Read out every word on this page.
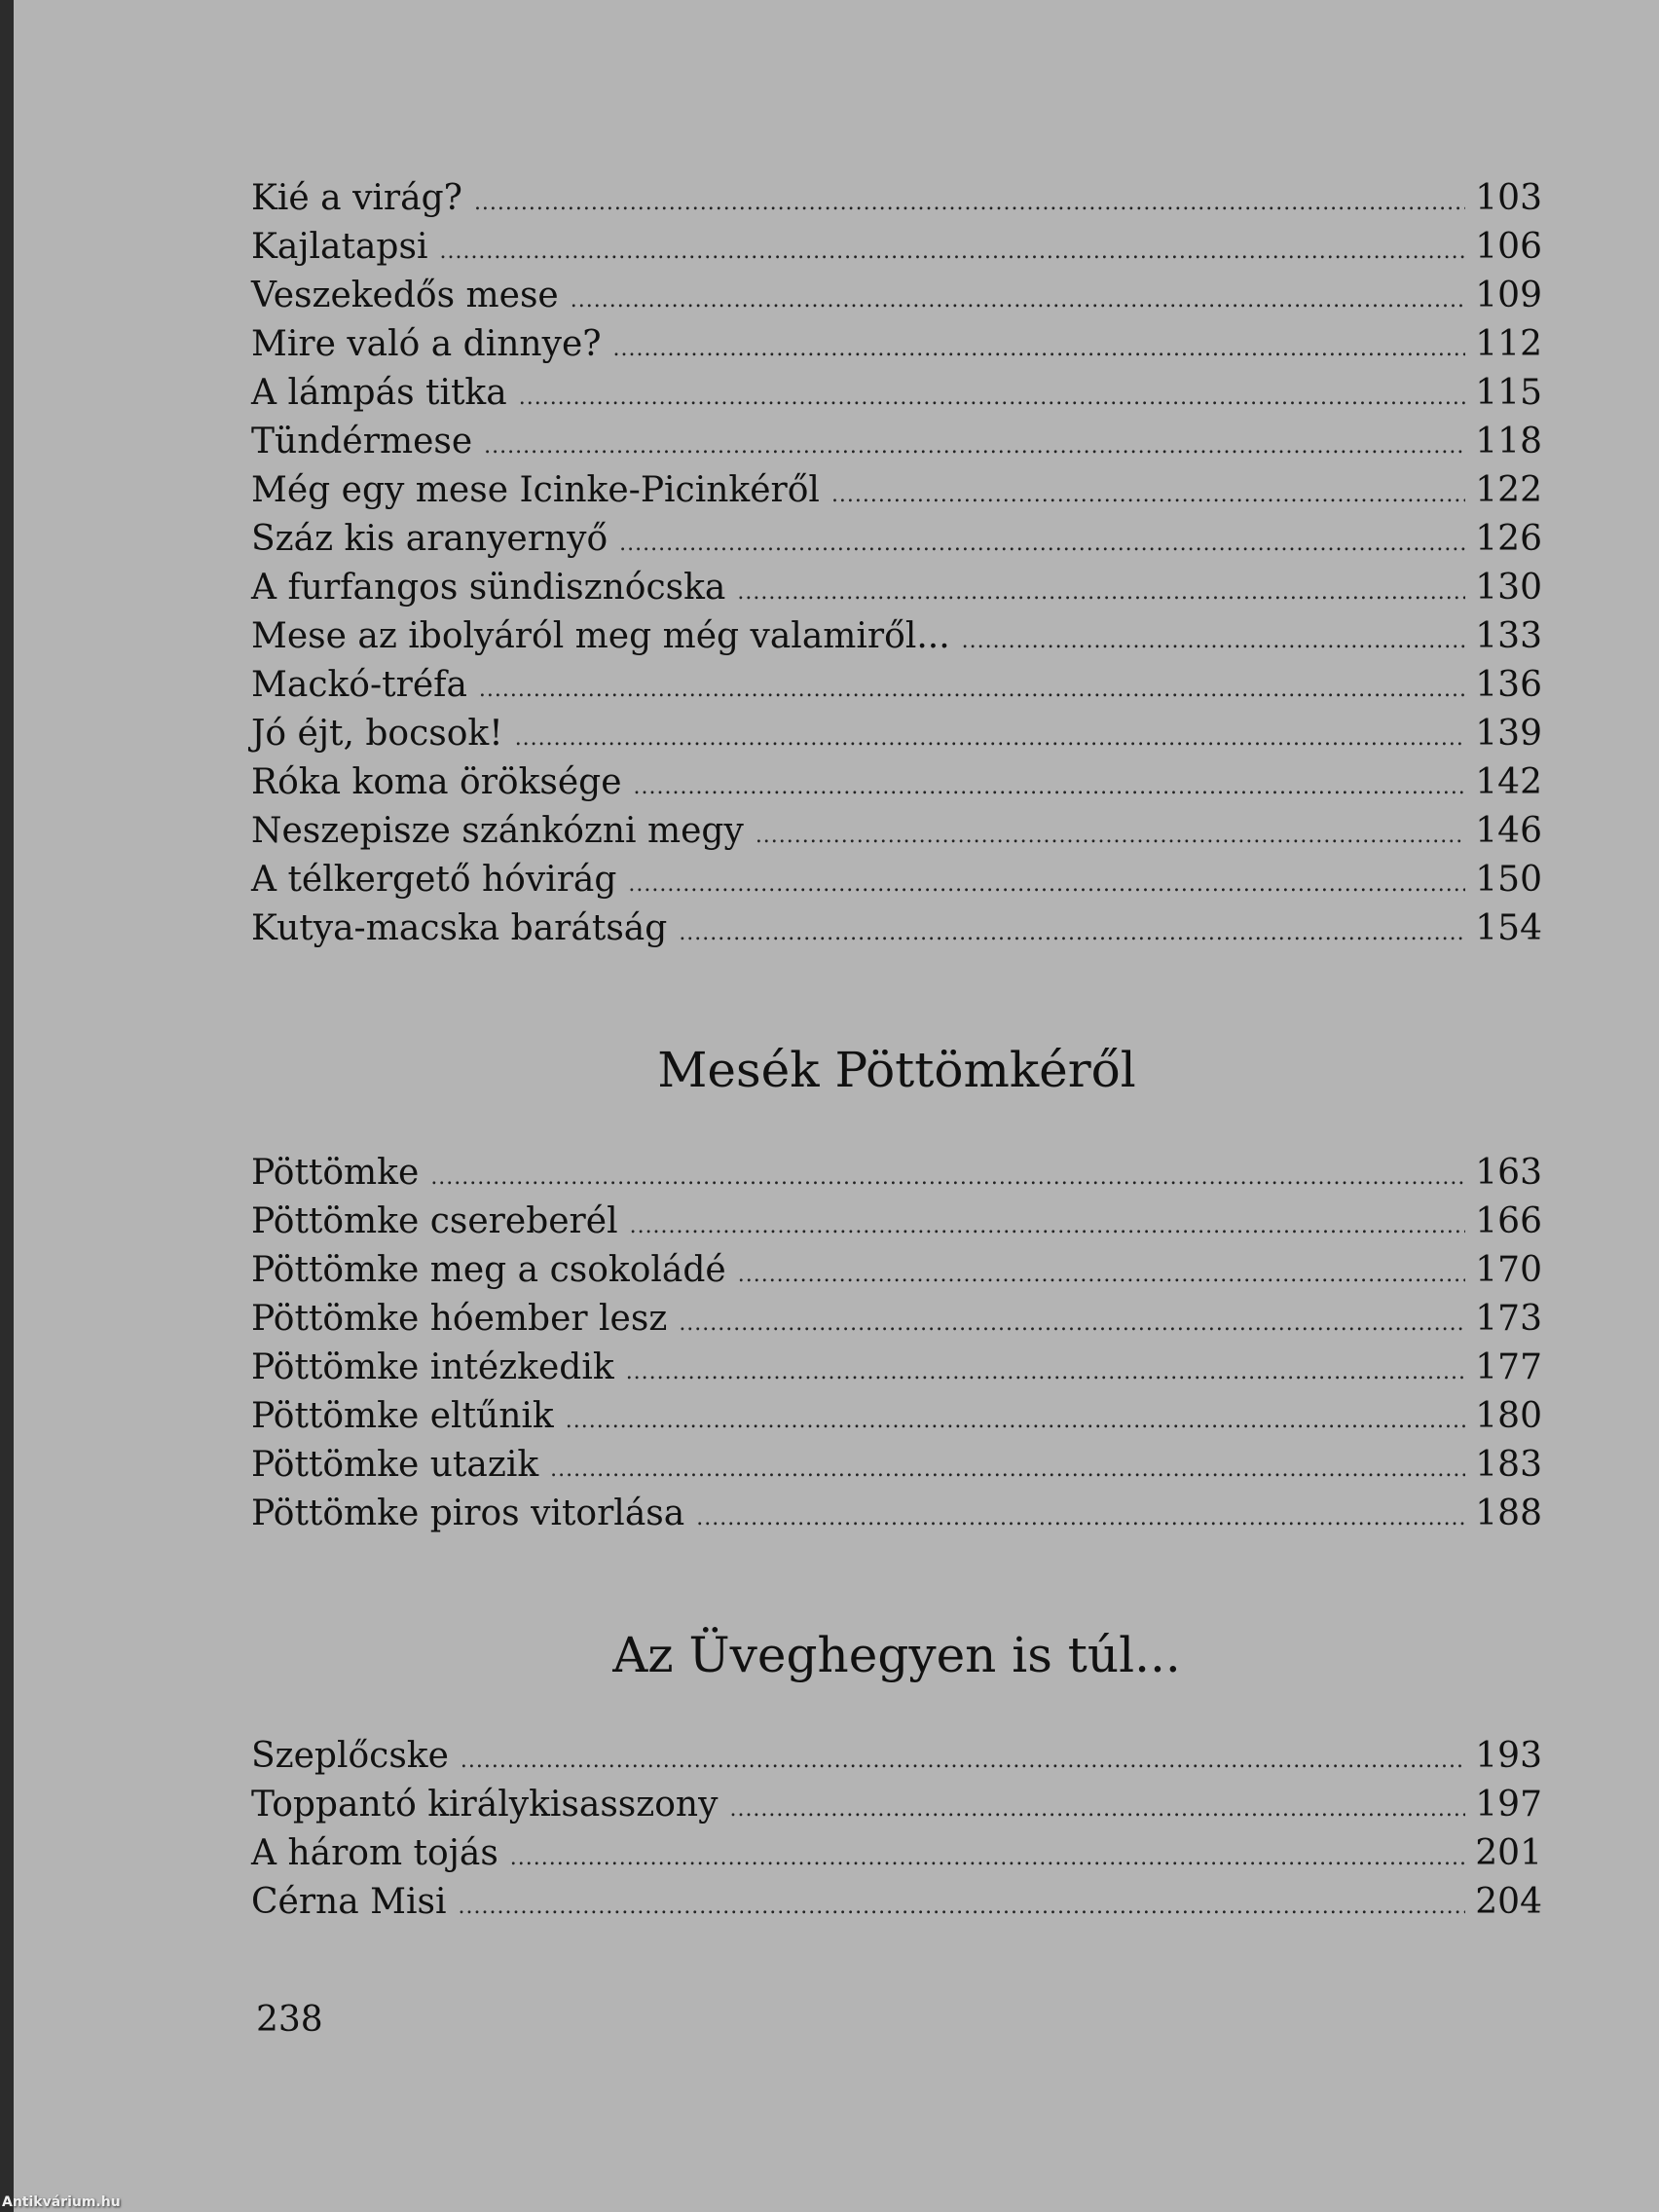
Kié a virág? .....	103
Kajlatapsi .....	106
Veszekedős mese .....	109
Mire való a dinnye? .....	112
A lámpás titka .....	115
Tündérmese .....	118
Még egy mese Icinke-Picinkéről .....	122
Száz kis aranyernyő .....	126
A furfangos sündisznócska .....	130
Mese az ibolyáról meg még valamiről... .....	133
Mackó-tréfa .....	136
Jó éjt, bocsok! .....	139
Róka koma öröksége .....	142
Neszepisze szánkózni megy .....	146
A télkergető hóvirág .....	150
Kutya-macska barátság .....	154
Mesék Pöttömkéről
Pöttömke .....	163
Pöttömke csereberél .....	166
Pöttömke meg a csokoládé .....	170
Pöttömke hóember lesz .....	173
Pöttömke intézkedik .....	177
Pöttömke eltűnik .....	180
Pöttömke utazik .....	183
Pöttömke piros vitorlása .....	188
Az Üveghegyen is túl...
Szeplőcske .....	193
Toppantó királykisasszony .....	197
A három tojás .....	201
Cérna Misi .....	204
238
Antikvárium.hu
